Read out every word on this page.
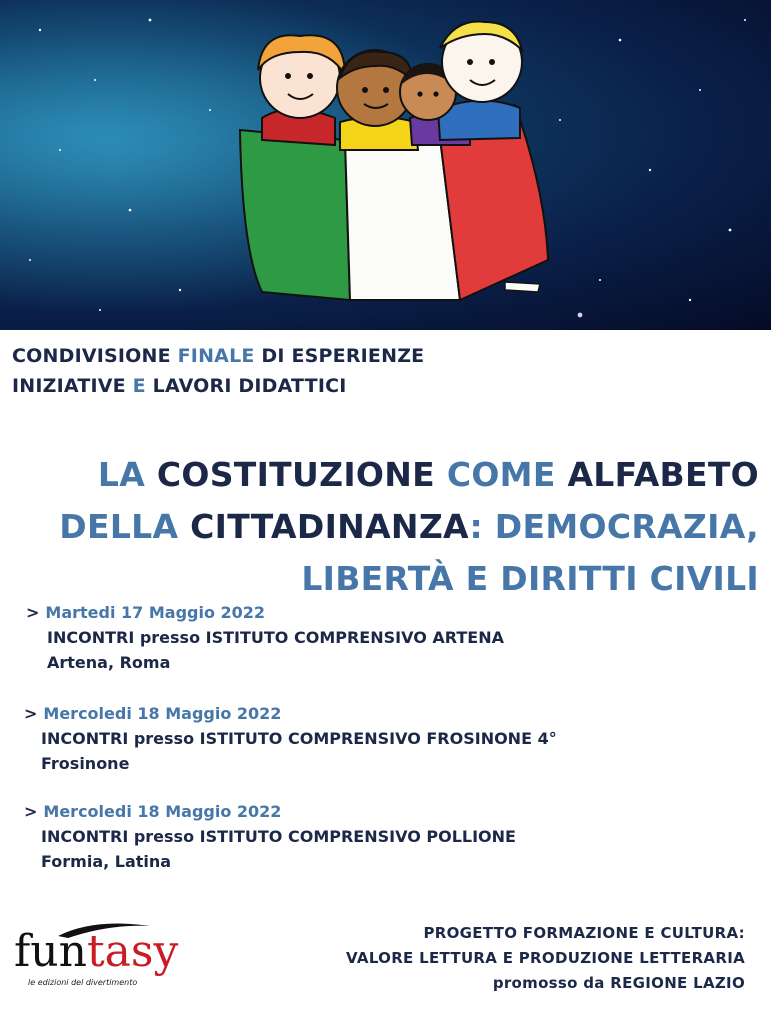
CONDIVISIONE FINALE DI ESPERIENZE
INIZIATIVE E LAVORI DIDATTICI
LA COSTITUZIONE COME ALFABETO
DELLA CITTADINANZA: DEMOCRAZIA,
LIBERTÀ E DIRITTI CIVILI
> Martedi 17 Maggio 2022
INCONTRI presso ISTITUTO COMPRENSIVO ARTENA
Artena, Roma
> Mercoledi 18 Maggio 2022
INCONTRI presso ISTITUTO COMPRENSIVO FROSINONE 4°
Frosinone
> Mercoledi 18 Maggio 2022
INCONTRI presso ISTITUTO COMPRENSIVO POLLIONE
Formia, Latina
funtasy
le edizioni del divertimento
PROGETTO FORMAZIONE E CULTURA:
VALORE LETTURA E PRODUZIONE LETTERARIA
promosso da REGIONE LAZIO
